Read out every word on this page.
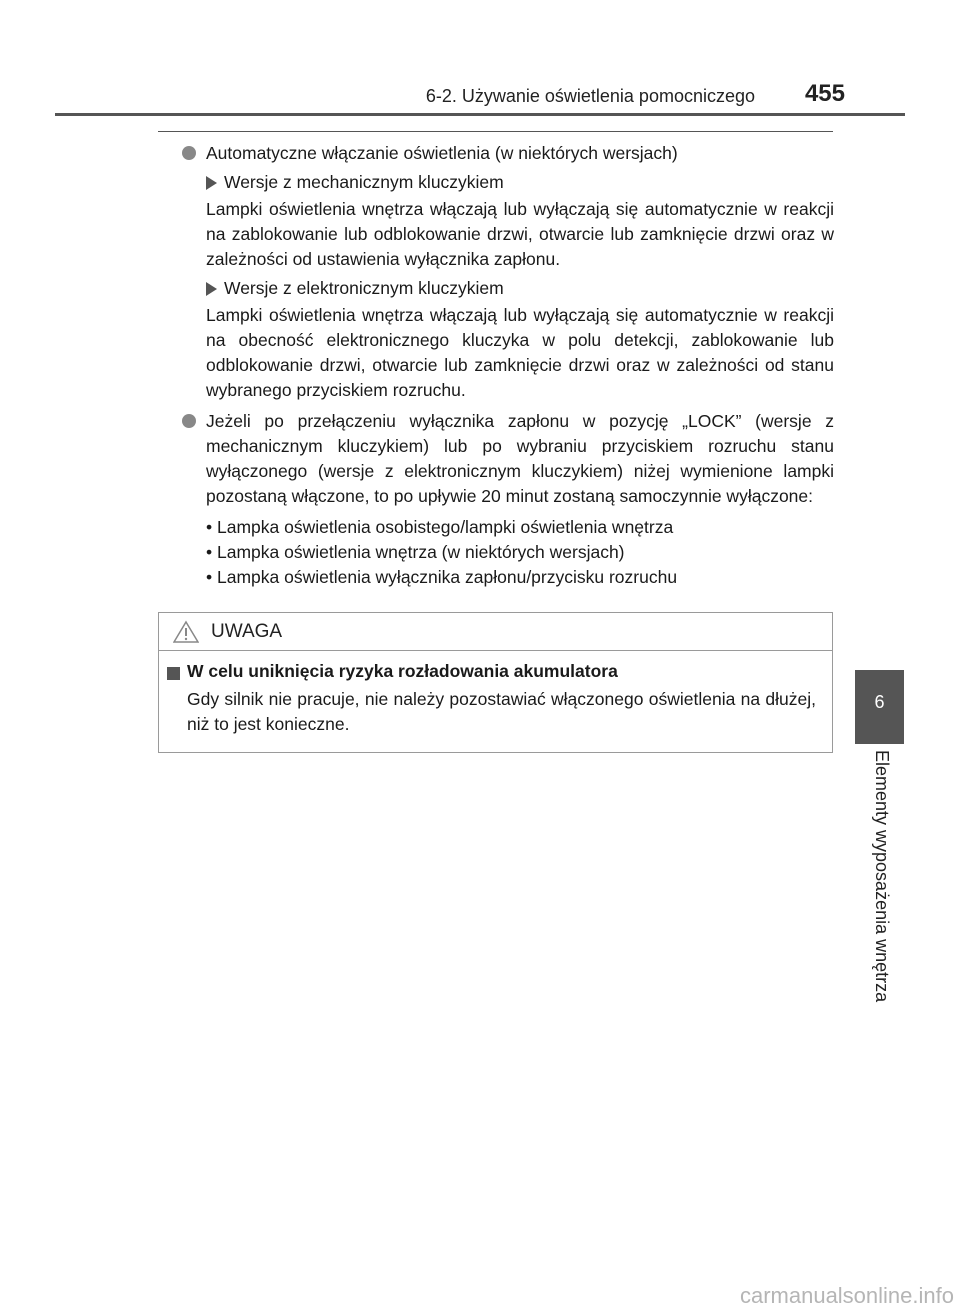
6-2. Używanie oświetlenia pomocniczego 455
Automatyczne włączanie oświetlenia (w niektórych wersjach)
Wersje z mechanicznym kluczykiem
Lampki oświetlenia wnętrza włączają lub wyłączają się automatycznie w reakcji na zablokowanie lub odblokowanie drzwi, otwarcie lub zamknięcie drzwi oraz w zależności od ustawienia wyłącznika zapłonu.
Wersje z elektronicznym kluczykiem
Lampki oświetlenia wnętrza włączają lub wyłączają się automatycznie w reakcji na obecność elektronicznego kluczyka w polu detekcji, zablokowanie lub odblokowanie drzwi, otwarcie lub zamknięcie drzwi oraz w zależności od stanu wybranego przyciskiem rozruchu.
Jeżeli po przełączeniu wyłącznika zapłonu w pozycję „LOCK” (wersje z mechanicznym kluczykiem) lub po wybraniu przyciskiem rozruchu stanu wyłączonego (wersje z elektronicznym kluczykiem) niżej wymienione lampki pozostaną włączone, to po upływie 20 minut zostaną samoczynnie wyłączone:
• Lampka oświetlenia osobistego/lampki oświetlenia wnętrza
• Lampka oświetlenia wnętrza (w niektórych wersjach)
• Lampka oświetlenia wyłącznika zapłonu/przycisku rozruchu
UWAGA
W celu uniknięcia ryzyka rozładowania akumulatora
Gdy silnik nie pracuje, nie należy pozostawiać włączonego oświetlenia na dłużej, niż to jest konieczne.
6
Elementy wyposażenia wnętrza
carmanualsonline.info
